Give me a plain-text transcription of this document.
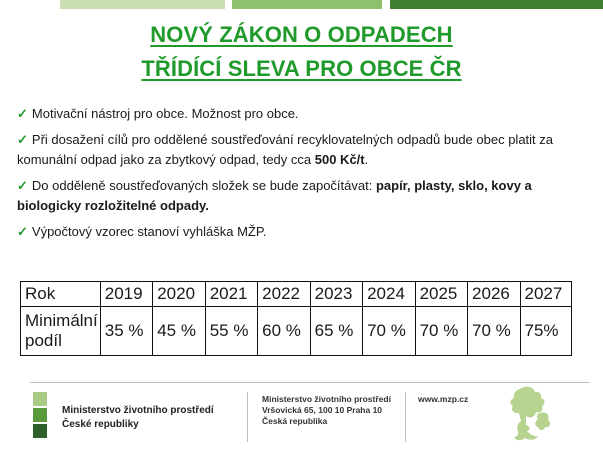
NOVÝ ZÁKON O ODPADECH
TŘÍDÍCÍ SLEVA PRO OBCE ČR
✓ Motivační nástroj pro obce. Možnost pro obce.
✓ Při dosažení cílů pro oddělené soustřeďování recyklovatelných odpadů bude obec platit za komunální odpad jako za zbytkový odpad, tedy cca 500 Kč/t.
✓ Do odděleně soustřeďovaných složek se bude započítávat: papír, plasty, sklo, kovy a biologicky rozložitelné odpady.
✓ Výpočtový vzorec stanoví vyhláška MŽP.
Rok	2019	2020	2021	2022	2023	2024	2025	2026	2027
Minimální
podíl	35 %	45 %	55 %	60 %	65 %	70 %	70 %	70 %	75%
Ministerstvo životního prostředí
České republiky
Ministerstvo životního prostředí
Vršovická 65, 100 10 Praha 10
Česká republika
www.mzp.cz
